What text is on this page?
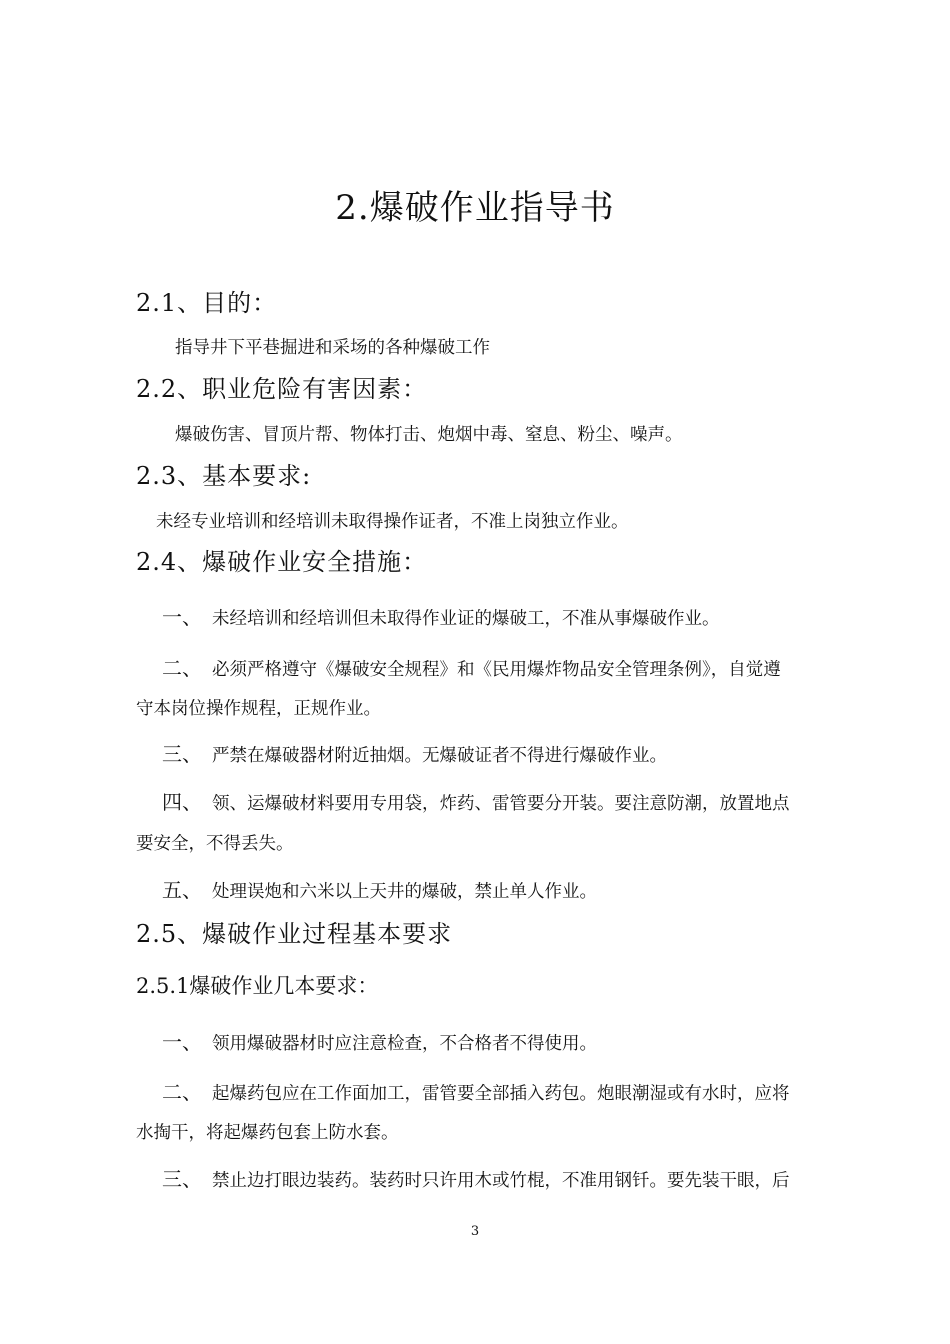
2.爆破作业指导书
2.1、目的：
指导井下平巷掘进和采场的各种爆破工作
2.2、职业危险有害因素：
爆破伤害、冒顶片帮、物体打击、炮烟中毒、窒息、粉尘、噪声。
2.3、基本要求:
未经专业培训和经培训未取得操作证者，不准上岗独立作业。
2.4、爆破作业安全措施：
一、 未经培训和经培训但未取得作业证的爆破工，不准从事爆破作业。
二、 必须严格遵守《爆破安全规程》和《民用爆炸物品安全管理条例》，自觉遵
守本岗位操作规程，正规作业。
三、 严禁在爆破器材附近抽烟。无爆破证者不得进行爆破作业。
四、 领、运爆破材料要用专用袋，炸药、雷管要分开装。要注意防潮，放置地点
要安全，不得丢失。
五、 处理误炮和六米以上天井的爆破，禁止单人作业。
2.5、爆破作业过程基本要求
2.5.1爆破作业几本要求：
一、 领用爆破器材时应注意检查，不合格者不得使用。
二、 起爆药包应在工作面加工，雷管要全部插入药包。炮眼潮湿或有水时，应将
水掏干，将起爆药包套上防水套。
三、 禁止边打眼边装药。装药时只许用木或竹棍，不准用钢钎。要先装干眼，后
3
